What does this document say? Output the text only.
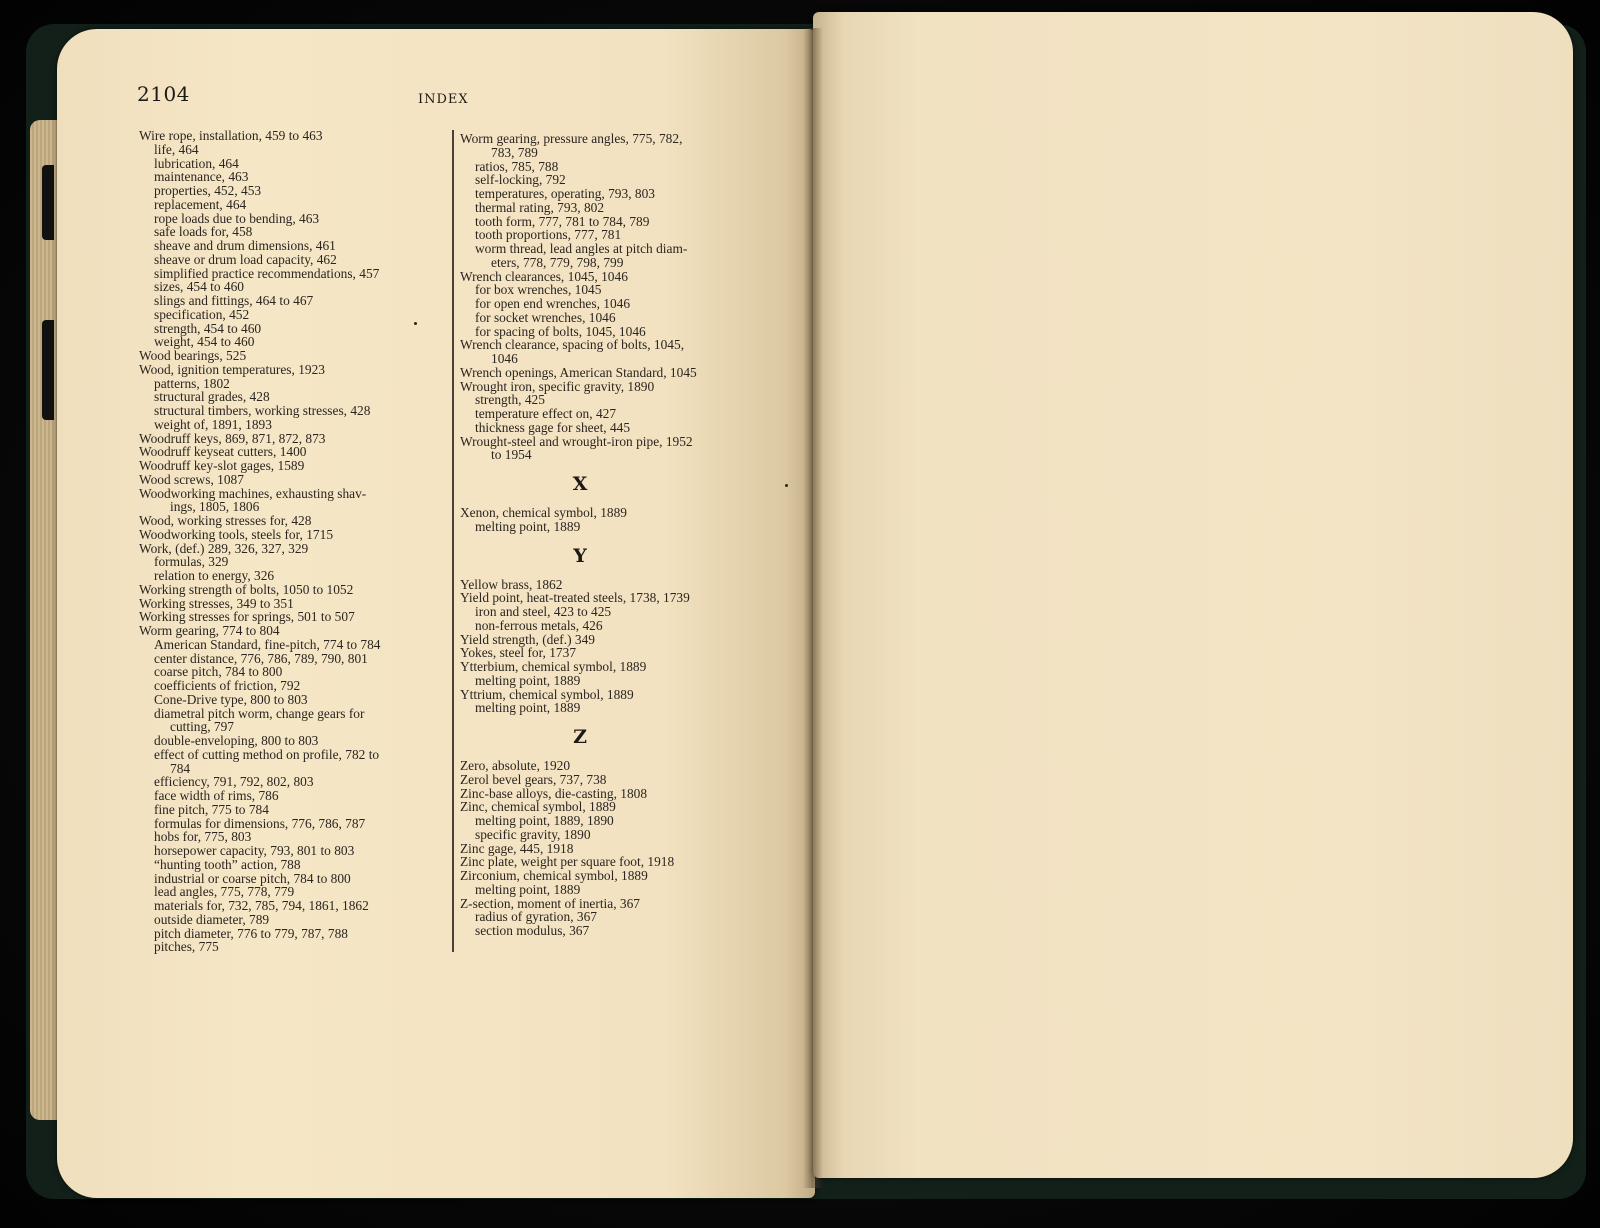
2104	INDEX
Wire rope, installation, 459 to 463
life, 464
lubrication, 464
maintenance, 463
properties, 452, 453
replacement, 464
rope loads due to bending, 463
safe loads for, 458
sheave and drum dimensions, 461
sheave or drum load capacity, 462
simplified practice recommendations, 457
sizes, 454 to 460
slings and fittings, 464 to 467
specification, 452
strength, 454 to 460
weight, 454 to 460
Wood bearings, 525
Wood, ignition temperatures, 1923
patterns, 1802
structural grades, 428
structural timbers, working stresses, 428
weight of, 1891, 1893
Woodruff keys, 869, 871, 872, 873
Woodruff keyseat cutters, 1400
Woodruff key-slot gages, 1589
Wood screws, 1087
Woodworking machines, exhausting shav-
ings, 1805, 1806
Wood, working stresses for, 428
Woodworking tools, steels for, 1715
Work, (def.) 289, 326, 327, 329
formulas, 329
relation to energy, 326
Working strength of bolts, 1050 to 1052
Working stresses, 349 to 351
Working stresses for springs, 501 to 507
Worm gearing, 774 to 804
American Standard, fine-pitch, 774 to 784
center distance, 776, 786, 789, 790, 801
coarse pitch, 784 to 800
coefficients of friction, 792
Cone-Drive type, 800 to 803
diametral pitch worm, change gears for
cutting, 797
double-enveloping, 800 to 803
effect of cutting method on profile, 782 to
784
efficiency, 791, 792, 802, 803
face width of rims, 786
fine pitch, 775 to 784
formulas for dimensions, 776, 786, 787
hobs for, 775, 803
horsepower capacity, 793, 801 to 803
“hunting tooth” action, 788
industrial or coarse pitch, 784 to 800
lead angles, 775, 778, 779
materials for, 732, 785, 794, 1861, 1862
outside diameter, 789
pitch diameter, 776 to 779, 787, 788
pitches, 775
Worm gearing, pressure angles, 775, 782,
783, 789
ratios, 785, 788
self-locking, 792
temperatures, operating, 793, 803
thermal rating, 793, 802
tooth form, 777, 781 to 784, 789
tooth proportions, 777, 781
worm thread, lead angles at pitch diam-
eters, 778, 779, 798, 799
Wrench clearances, 1045, 1046
for box wrenches, 1045
for open end wrenches, 1046
for socket wrenches, 1046
for spacing of bolts, 1045, 1046
Wrench clearance, spacing of bolts, 1045,
1046
Wrench openings, American Standard, 1045
Wrought iron, specific gravity, 1890
strength, 425
temperature effect on, 427
thickness gage for sheet, 445
Wrought-steel and wrought-iron pipe, 1952
to 1954
X
Xenon, chemical symbol, 1889
melting point, 1889
Y
Yellow brass, 1862
Yield point, heat-treated steels, 1738, 1739
iron and steel, 423 to 425
non-ferrous metals, 426
Yield strength, (def.) 349
Yokes, steel for, 1737
Ytterbium, chemical symbol, 1889
melting point, 1889
Yttrium, chemical symbol, 1889
melting point, 1889
Z
Zero, absolute, 1920
Zerol bevel gears, 737, 738
Zinc-base alloys, die-casting, 1808
Zinc, chemical symbol, 1889
melting point, 1889, 1890
specific gravity, 1890
Zinc gage, 445, 1918
Zinc plate, weight per square foot, 1918
Zirconium, chemical symbol, 1889
melting point, 1889
Z-section, moment of inertia, 367
radius of gyration, 367
section modulus, 367
